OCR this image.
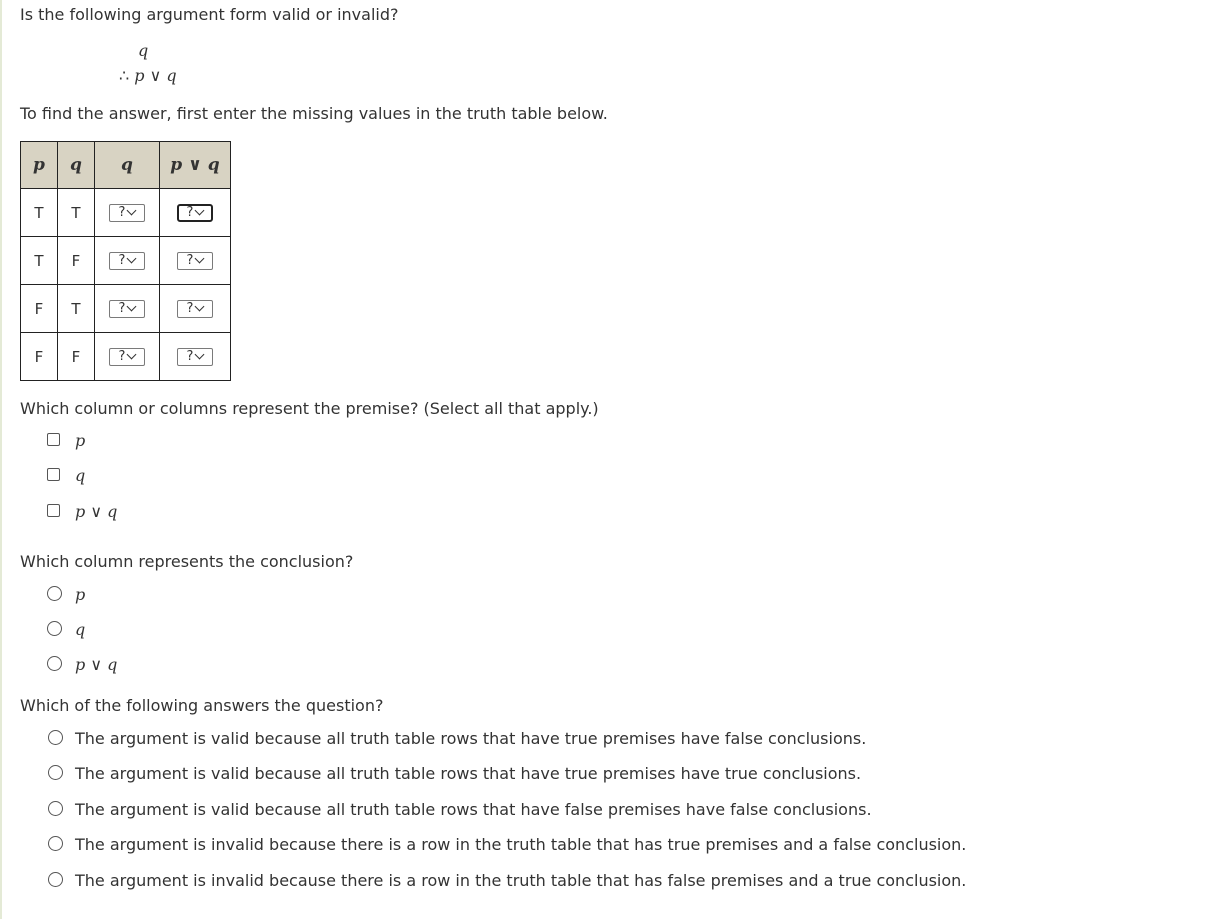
Is the following argument form valid or invalid?
q
∴ p ∨ q
To find the answer, first enter the missing values in the truth table below.
p	q	q	p ∨ q
T	T	?	?

T	F	?	?

F	T	?	?

F	F	?	?
Which column or columns represent the premise? (Select all that apply.)
p
q
p ∨ q
Which column represents the conclusion?
p
q
p ∨ q
Which of the following answers the question?
The argument is valid because all truth table rows that have true premises have false conclusions.
The argument is valid because all truth table rows that have true premises have true conclusions.
The argument is valid because all truth table rows that have false premises have false conclusions.
The argument is invalid because there is a row in the truth table that has true premises and a false conclusion.
The argument is invalid because there is a row in the truth table that has false premises and a true conclusion.
